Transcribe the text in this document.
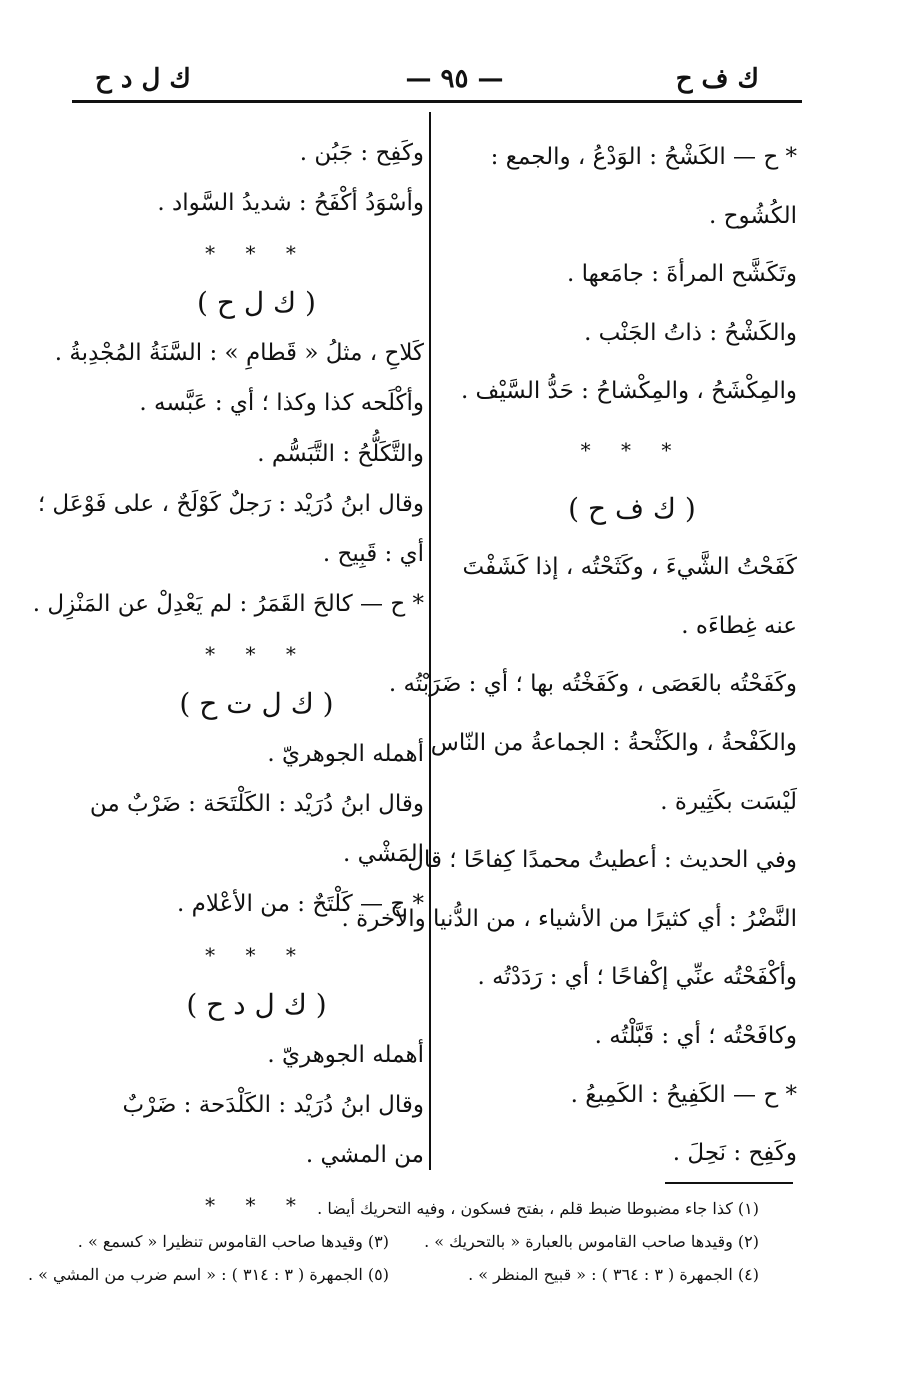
ك ف ح
— ٩٥ —
ك ل د ح
* ح — الكَشْحُ : الوَدْعُ ، والجمع :
الكُشُوح .
وتَكَشَّح المرأةَ : جامَعها .
والكَشْحُ : ذاتُ الجَنْب .
والمِكْشَحُ ، والمِكْشاحُ : حَدُّ السَّيْف .
* * *
( ك ف ح )
كَفَحْتُ الشَّيءَ ، وكَثَحْتُه ، إذا كَشَفْتَ
عنه غِطاءَه .
وكَفَحْتُه بالعَصَى ، وكَفَخْتُه بها ؛ أي : ضَرَبْتُه .
والكَفْحةُ ، والكَثْحةُ : الجماعةُ من النّاس
لَيْسَت بكَثِيرة .
وفي الحديث : أعطيتُ محمدًا كِفاحًا ؛ قال
النَّضْرُ : أي كثيرًا من الأشياء ، من الدُّنيا والآخرة .
وأكْفَحْتُه عنِّي إكْفاحًا ؛ أي : رَدَدْتُه .
وكافَحْتُه ؛ أي : قَبَّلْتُه .
* ح — الكَفِيحُ : الكَمِيعُ .
وكَفِح : نَحِلَ .
وكَفِح : جَبُن .
وأسْوَدُ أكْفَحُ : شديدُ السَّواد .
* * *
( ك ل ح )
كَلاحِ ، مثلُ « قَطامِ » : السَّنَةُ المُجْدِبةُ .
وأكْلَحه كذا وكذا ؛ أي : عَبَّسه .
والتَّكَلُّحُ : التَّبَسُّم .
وقال ابنُ دُرَيْد : رَجلٌ كَوْلَحٌ ، على فَوْعَل ؛
أي : قَبِيح .
* ح — كالحَ القَمَرُ : لم يَعْدِلْ عن المَنْزِل .
* * *
( ك ل ت ح )
أهمله الجوهريّ .
وقال ابنُ دُرَيْد : الكَلْتَحَة : ضَرْبٌ من
المَشْي .
* ح — كَلْتَحٌ : من الأعْلام .
* * *
( ك ل د ح )
أهمله الجوهريّ .
وقال ابنُ دُرَيْد : الكَلْدَحة : ضَرْبٌ
من المشي .
* * * (١) كذا جاء مضبوطا ضبط قلم ، بفتح فسكون ، وفيه التحريك أيضا .
(٢) وقيدها صاحب القاموس بالعبارة « بالتحريك » .
(٣) وقيدها صاحب القاموس تنظيرا « كسمع » .
(٤) الجمهرة ( ٣ : ٣٦٤ ) : « قبيح المنظر » .
(٥) الجمهرة ( ٣ : ٣١٤ ) : « اسم ضرب من المشي » .
